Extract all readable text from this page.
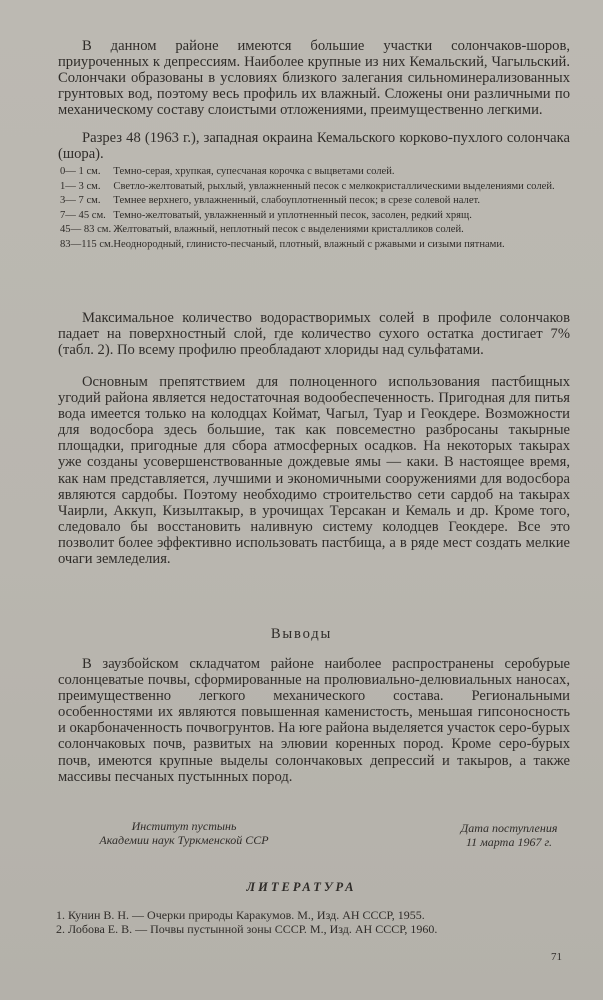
В данном районе имеются большие участки солончаков-шоров, приуроченных к депрессиям. Наиболее крупные из них Кемальский, Чагыльский. Солончаки образованы в условиях близкого залегания сильноминерализованных грунтовых вод, поэтому весь профиль их влажный. Сложены они различными по механическому составу слоистыми отложениями, преимущественно легкими.

Разрез 48 (1963 г.), западная окраина Кемальского корково-пухлого солончака (шора).

0— 1 см.	Темно-серая, хрупкая, супесчаная корочка с выцветами солей.
1— 3 см.	Светло-желтоватый, рыхлый, увлажненный песок с мелкокристаллическими выделениями солей.
3— 7 см.	Темнее верхнего, увлажненный, слабоуплотненный песок; в срезе солевой налет.
7— 45 см.	Темно-желтоватый, увлажненный и уплотненный песок, засолен, редкий хрящ.
45— 83 см.	Желтоватый, влажный, неплотный песок с выделениями кристалликов солей.
83—115 см.	Неоднородный, глинисто-песчаный, плотный, влажный с ржавыми и сизыми пятнами.

Максимальное количество водорастворимых солей в профиле солончаков падает на поверхностный слой, где количество сухого остатка достигает 7% (табл. 2). По всему профилю преобладают хлориды над сульфатами.

Основным препятствием для полноценного использования пастбищных угодий района является недостаточная водообеспеченность. Пригодная для питья вода имеется только на колодцах Коймат, Чагыл, Туар и Геокдере. Возможности для водосбора здесь большие, так как повсеместно разбросаны такырные площадки, пригодные для сбора атмосферных осадков. На некоторых такырах уже созданы усовершенствованные дождевые ямы — каки. В настоящее время, как нам представляется, лучшими и экономичными сооружениями для водосбора являются сардобы. Поэтому необходимо строительство сети сардоб на такырах Чаирли, Аккуп, Кизылтакыр, в урочищах Терсакан и Кемаль и др. Кроме того, следовало бы восстановить наливную систему колодцев Геокдере. Все это позволит более эффективно использовать пастбища, а в ряде мест создать мелкие очаги земледелия.

Выводы

В заузбойском складчатом районе наиболее распространены серобурые солонцеватые почвы, сформированные на пролювиально-делювиальных наносах, преимущественно легкого механического состава. Региональными особенностями их являются повышенная каменистость, меньшая гипсоносность и окарбоначенность почвогрунтов. На юге района выделяется участок серо-бурых солончаковых почв, развитых на элювии коренных пород. Кроме серо-бурых почв, имеются крупные выделы солончаковых депрессий и такыров, а также массивы песчаных пустынных пород.

Институт пустынь
Академии наук Туркменской ССР
Дата поступления
11 марта 1967 г.
ЛИТЕРАТУРА
1. Кунин В. Н. — Очерки природы Каракумов. М., Изд. АН СССР, 1955.
2. Лобова Е. В. — Почвы пустынной зоны СССР. М., Изд. АН СССР, 1960.

71
